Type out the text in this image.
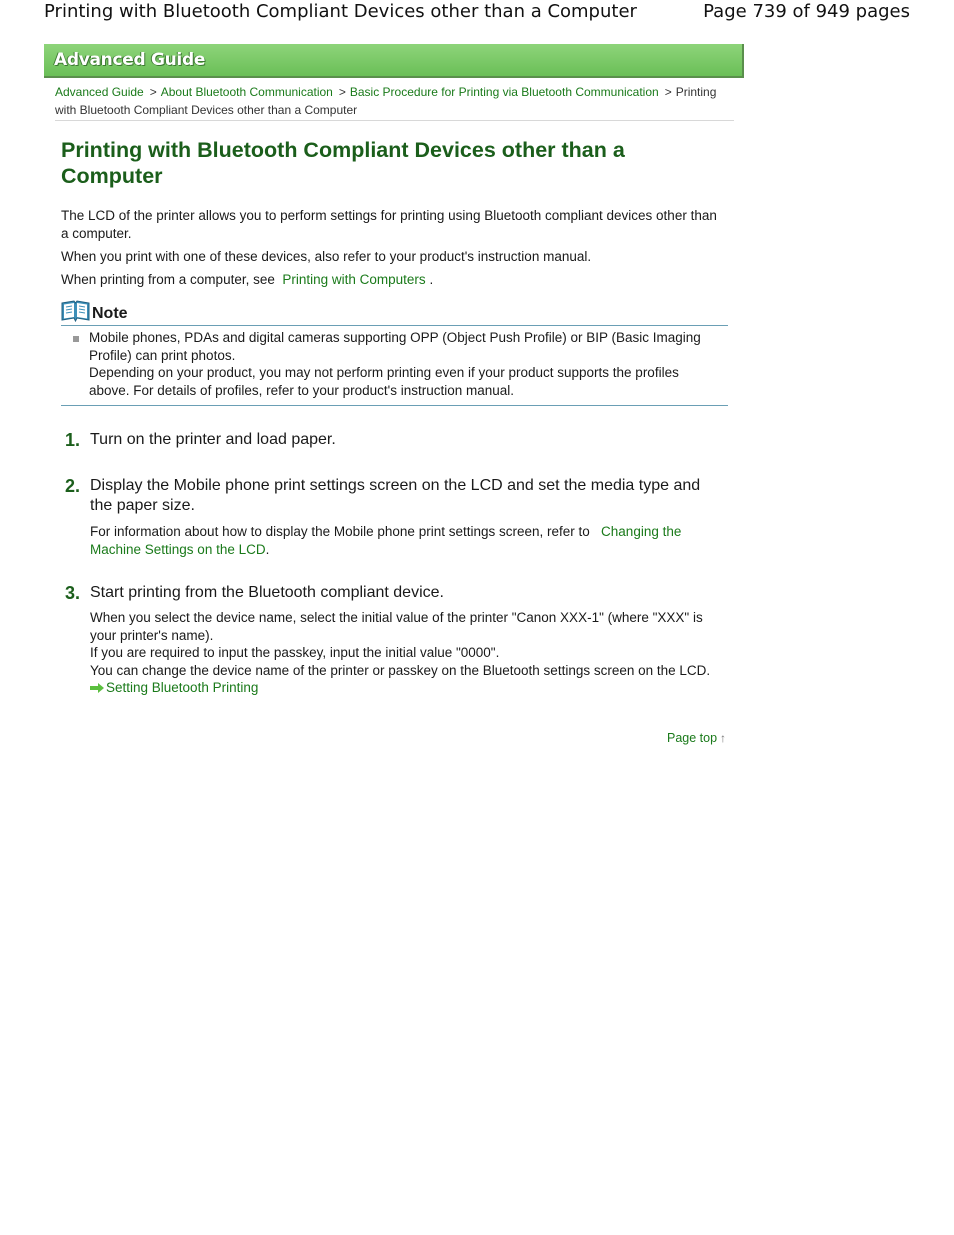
Printing with Bluetooth Compliant Devices other than a Computer	Page 739 of 949 pages
Advanced Guide
Advanced Guide > About Bluetooth Communication > Basic Procedure for Printing via Bluetooth Communication > Printing with Bluetooth Compliant Devices other than a Computer
Printing with Bluetooth Compliant Devices other than a Computer
The LCD of the printer allows you to perform settings for printing using Bluetooth compliant devices other than a computer.
When you print with one of these devices, also refer to your product's instruction manual.
When printing from a computer, see Printing with Computers .
Note
Mobile phones, PDAs and digital cameras supporting OPP (Object Push Profile) or BIP (Basic Imaging Profile) can print photos.
Depending on your product, you may not perform printing even if your product supports the profiles above. For details of profiles, refer to your product's instruction manual.
1. Turn on the printer and load paper.
2. Display the Mobile phone print settings screen on the LCD and set the media type and the paper size.
For information about how to display the Mobile phone print settings screen, refer to Changing the Machine Settings on the LCD.
3. Start printing from the Bluetooth compliant device.
When you select the device name, select the initial value of the printer "Canon XXX-1" (where "XXX" is your printer's name).
If you are required to input the passkey, input the initial value "0000".
You can change the device name of the printer or passkey on the Bluetooth settings screen on the LCD.
Setting Bluetooth Printing
Page top ↑
